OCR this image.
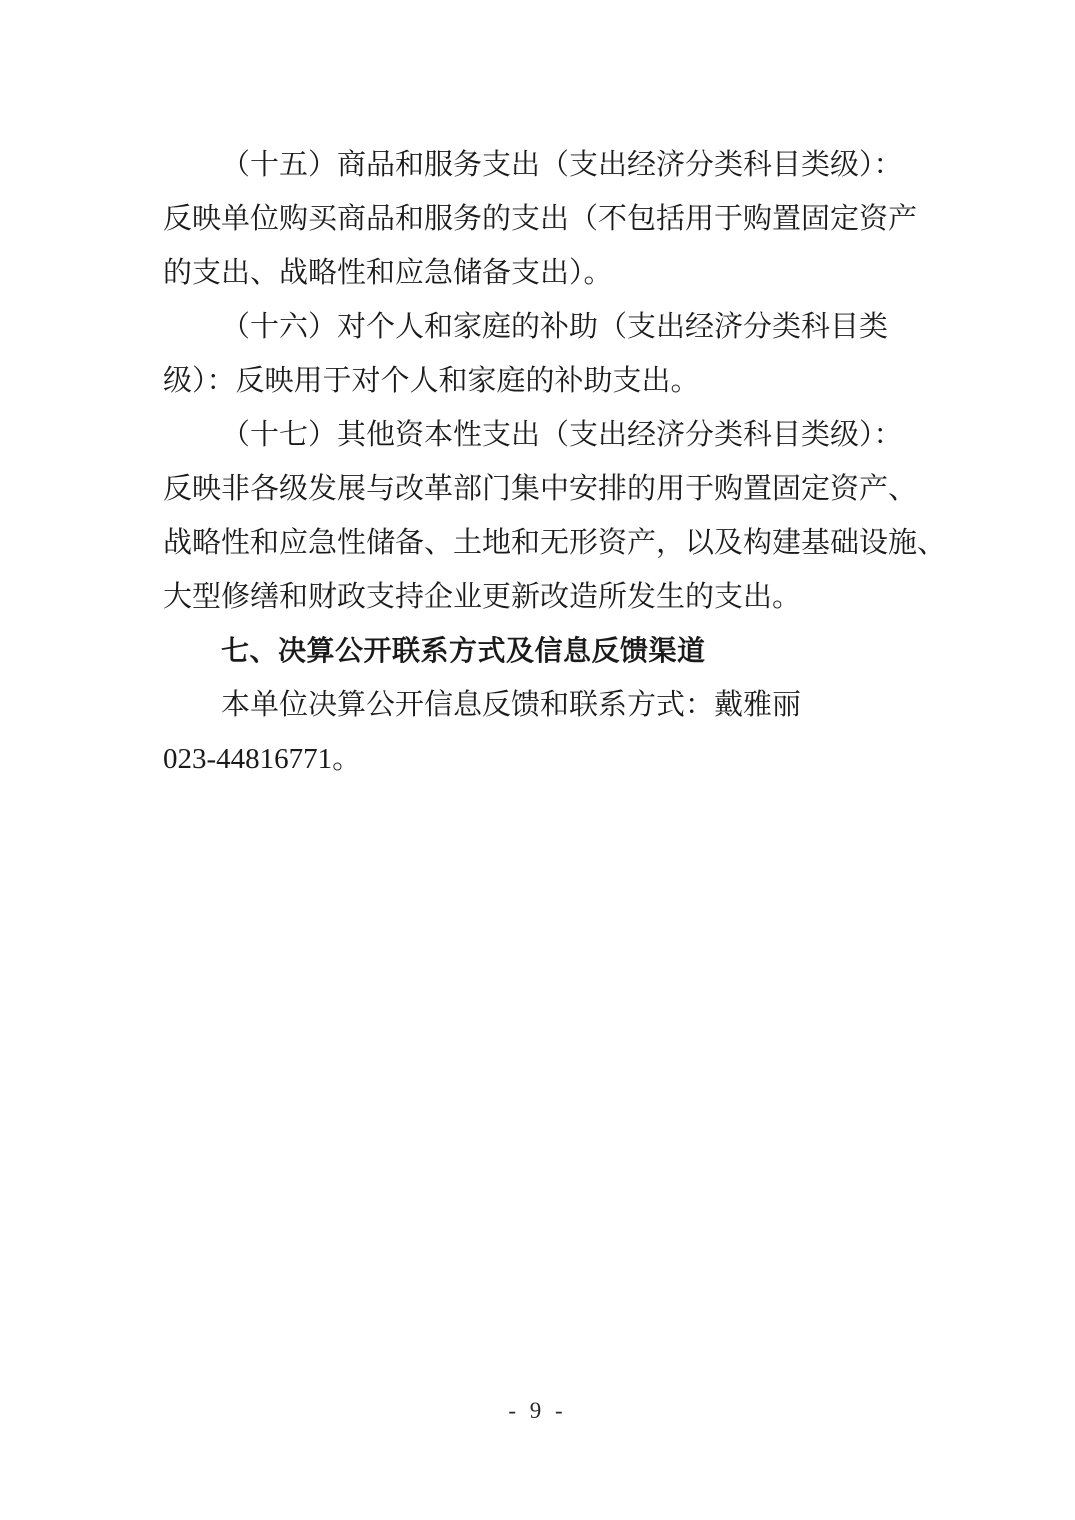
（十五）商品和服务支出（支出经济分类科目类级）：
反映单位购买商品和服务的支出（不包括用于购置固定资产
的支出、战略性和应急储备支出）。
（十六）对个人和家庭的补助（支出经济分类科目类
级）：反映用于对个人和家庭的补助支出。
（十七）其他资本性支出（支出经济分类科目类级）：
反映非各级发展与改革部门集中安排的用于购置固定资产、
战略性和应急性储备、土地和无形资产，以及构建基础设施、
大型修缮和财政支持企业更新改造所发生的支出。
七、决算公开联系方式及信息反馈渠道
本单位决算公开信息反馈和联系方式：戴雅丽
023-44816771。
- 9 -
